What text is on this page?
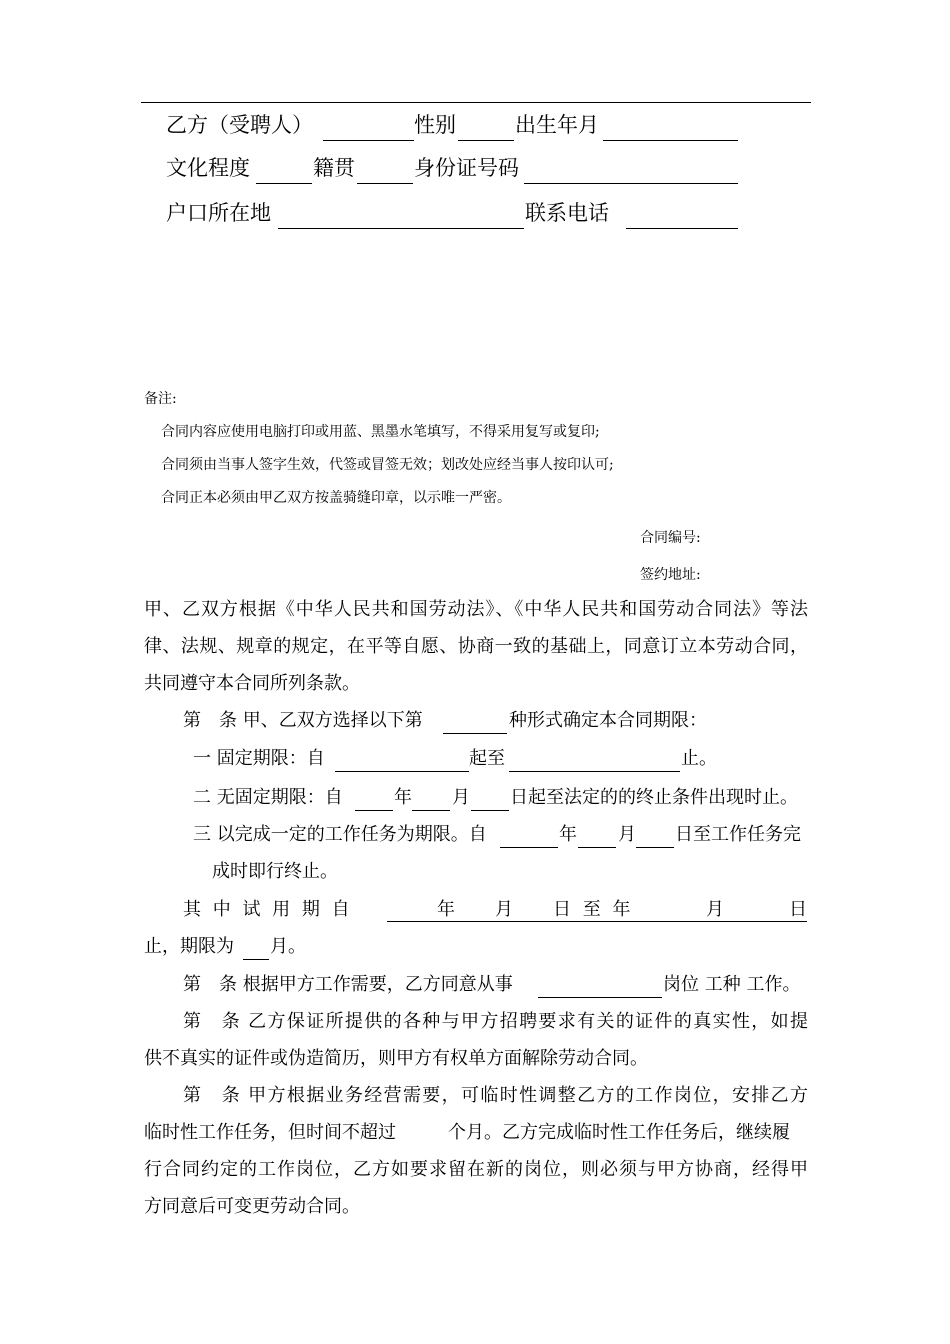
乙方（受聘人）	性别	出生年月
文化程度	籍贯	身份证号码
户口所在地	联系电话
备注:
合同内容应使用电脑打印或用蓝、黑墨水笔填写，不得采用复写或复印;
合同须由当事人签字生效，代签或冒签无效；划改处应经当事人按印认可;
合同正本必须由甲乙双方按盖骑缝印章，以示唯一严密。
合同编号:
签约地址:
甲、乙双方根据《中华人民共和国劳动法》、《中华人民共和国劳动合同法》等法
律、法规、规章的规定，在平等自愿、协商一致的基础上，同意订立本劳动合同，
共同遵守本合同所列条款。
第　条 甲、乙双方选择以下第	种形式确定本合同期限：
一 固定期限：自	起至	止。
二 无固定期限：自	年 月 日起至法定的的终止条件出现时止。
三 以完成一定的工作任务为期限。自	年 月 日至工作任务完
成时即行终止。
其 中 试 用 期 自	年 月 日 至 年	月	日
止，期限为 月。
第　条 根据甲方工作需要，乙方同意从事	岗位 工种 工作。
第　条 乙方保证所提供的各种与甲方招聘要求有关的证件的真实性，如提
供不真实的证件或伪造简历，则甲方有权单方面解除劳动合同。
第　条 甲方根据业务经营需要，可临时性调整乙方的工作岗位，安排乙方
临时性工作任务，但时间不超过	个月。乙方完成临时性工作任务后，继续履
行合同约定的工作岗位，乙方如要求留在新的岗位，则必须与甲方协商，经得甲
方同意后可变更劳动合同。
